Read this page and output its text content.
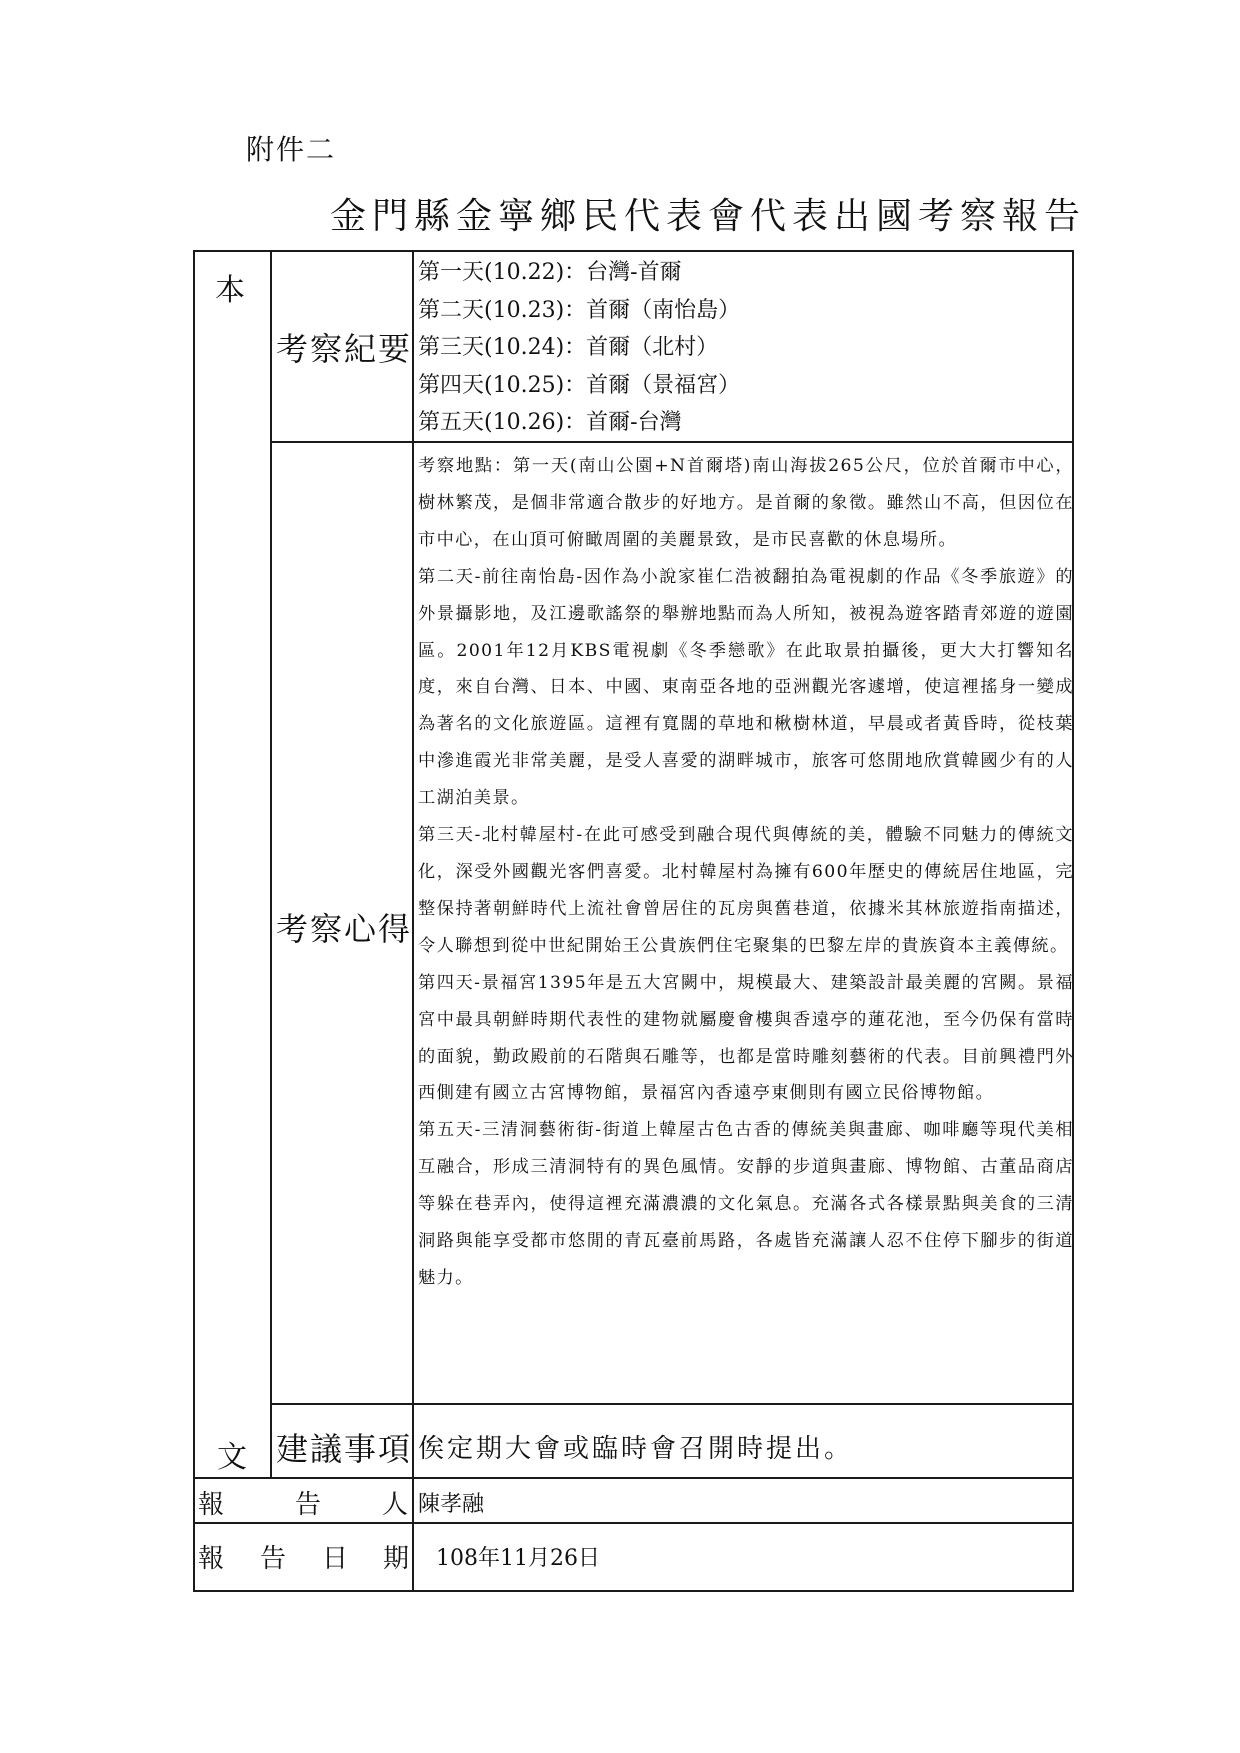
附件二
金門縣金寧鄉民代表會代表出國考察報告
本
文
考察紀要
考察心得
建議事項
第一天(10.22)：台灣-首爾
第二天(10.23)：首爾（南怡島）
第三天(10.24)：首爾（北村）
第四天(10.25)：首爾（景福宮）
第五天(10.26)：首爾-台灣

考察地點：第一天(南山公園+N首爾塔)南山海拔265公尺，位於首爾市中心，樹林繁茂，是個非常適合散步的好地方。是首爾的象徵。雖然山不高，但因位在市中心，在山頂可俯瞰周圍的美麗景致，是市民喜歡的休息場所。

第二天-前往南怡島-因作為小說家崔仁浩被翻拍為電視劇的作品《冬季旅遊》的外景攝影地，及江邊歌謠祭的舉辦地點而為人所知，被視為遊客踏青郊遊的遊園區。2001年12月KBS電視劇《冬季戀歌》在此取景拍攝後，更大大打響知名度，來自台灣、日本、中國、東南亞各地的亞洲觀光客遽增，使這裡搖身一變成為著名的文化旅遊區。這裡有寬闊的草地和楸樹林道，早晨或者黃昏時，從枝葉中滲進霞光非常美麗，是受人喜愛的湖畔城市，旅客可悠閒地欣賞韓國少有的人工湖泊美景。

第三天-北村韓屋村-在此可感受到融合現代與傳統的美，體驗不同魅力的傳統文化，深受外國觀光客們喜愛。北村韓屋村為擁有600年歷史的傳統居住地區，完整保持著朝鮮時代上流社會曾居住的瓦房與舊巷道，依據米其林旅遊指南描述，令人聯想到從中世紀開始王公貴族們住宅聚集的巴黎左岸的貴族資本主義傳統。

第四天-景福宮1395年是五大宮闕中，規模最大、建築設計最美麗的宮闕。景福宮中最具朝鮮時期代表性的建物就屬慶會樓與香遠亭的蓮花池，至今仍保有當時的面貌，勤政殿前的石階與石雕等，也都是當時雕刻藝術的代表。目前興禮門外西側建有國立古宮博物館，景福宮內香遠亭東側則有國立民俗博物館。

第五天-三清洞藝術街-街道上韓屋古色古香的傳統美與畫廊、咖啡廳等現代美相互融合，形成三清洞特有的異色風情。安靜的步道與畫廊、博物館、古董品商店等躲在巷弄內，使得這裡充滿濃濃的文化氣息。充滿各式各樣景點與美食的三清洞路與能享受都市悠閒的青瓦臺前馬路，各處皆充滿讓人忍不住停下腳步的街道魅力。

俟定期大會或臨時會召開時提出。
報	告 人 陳孝融
報 告 日 期 108年11月26日
